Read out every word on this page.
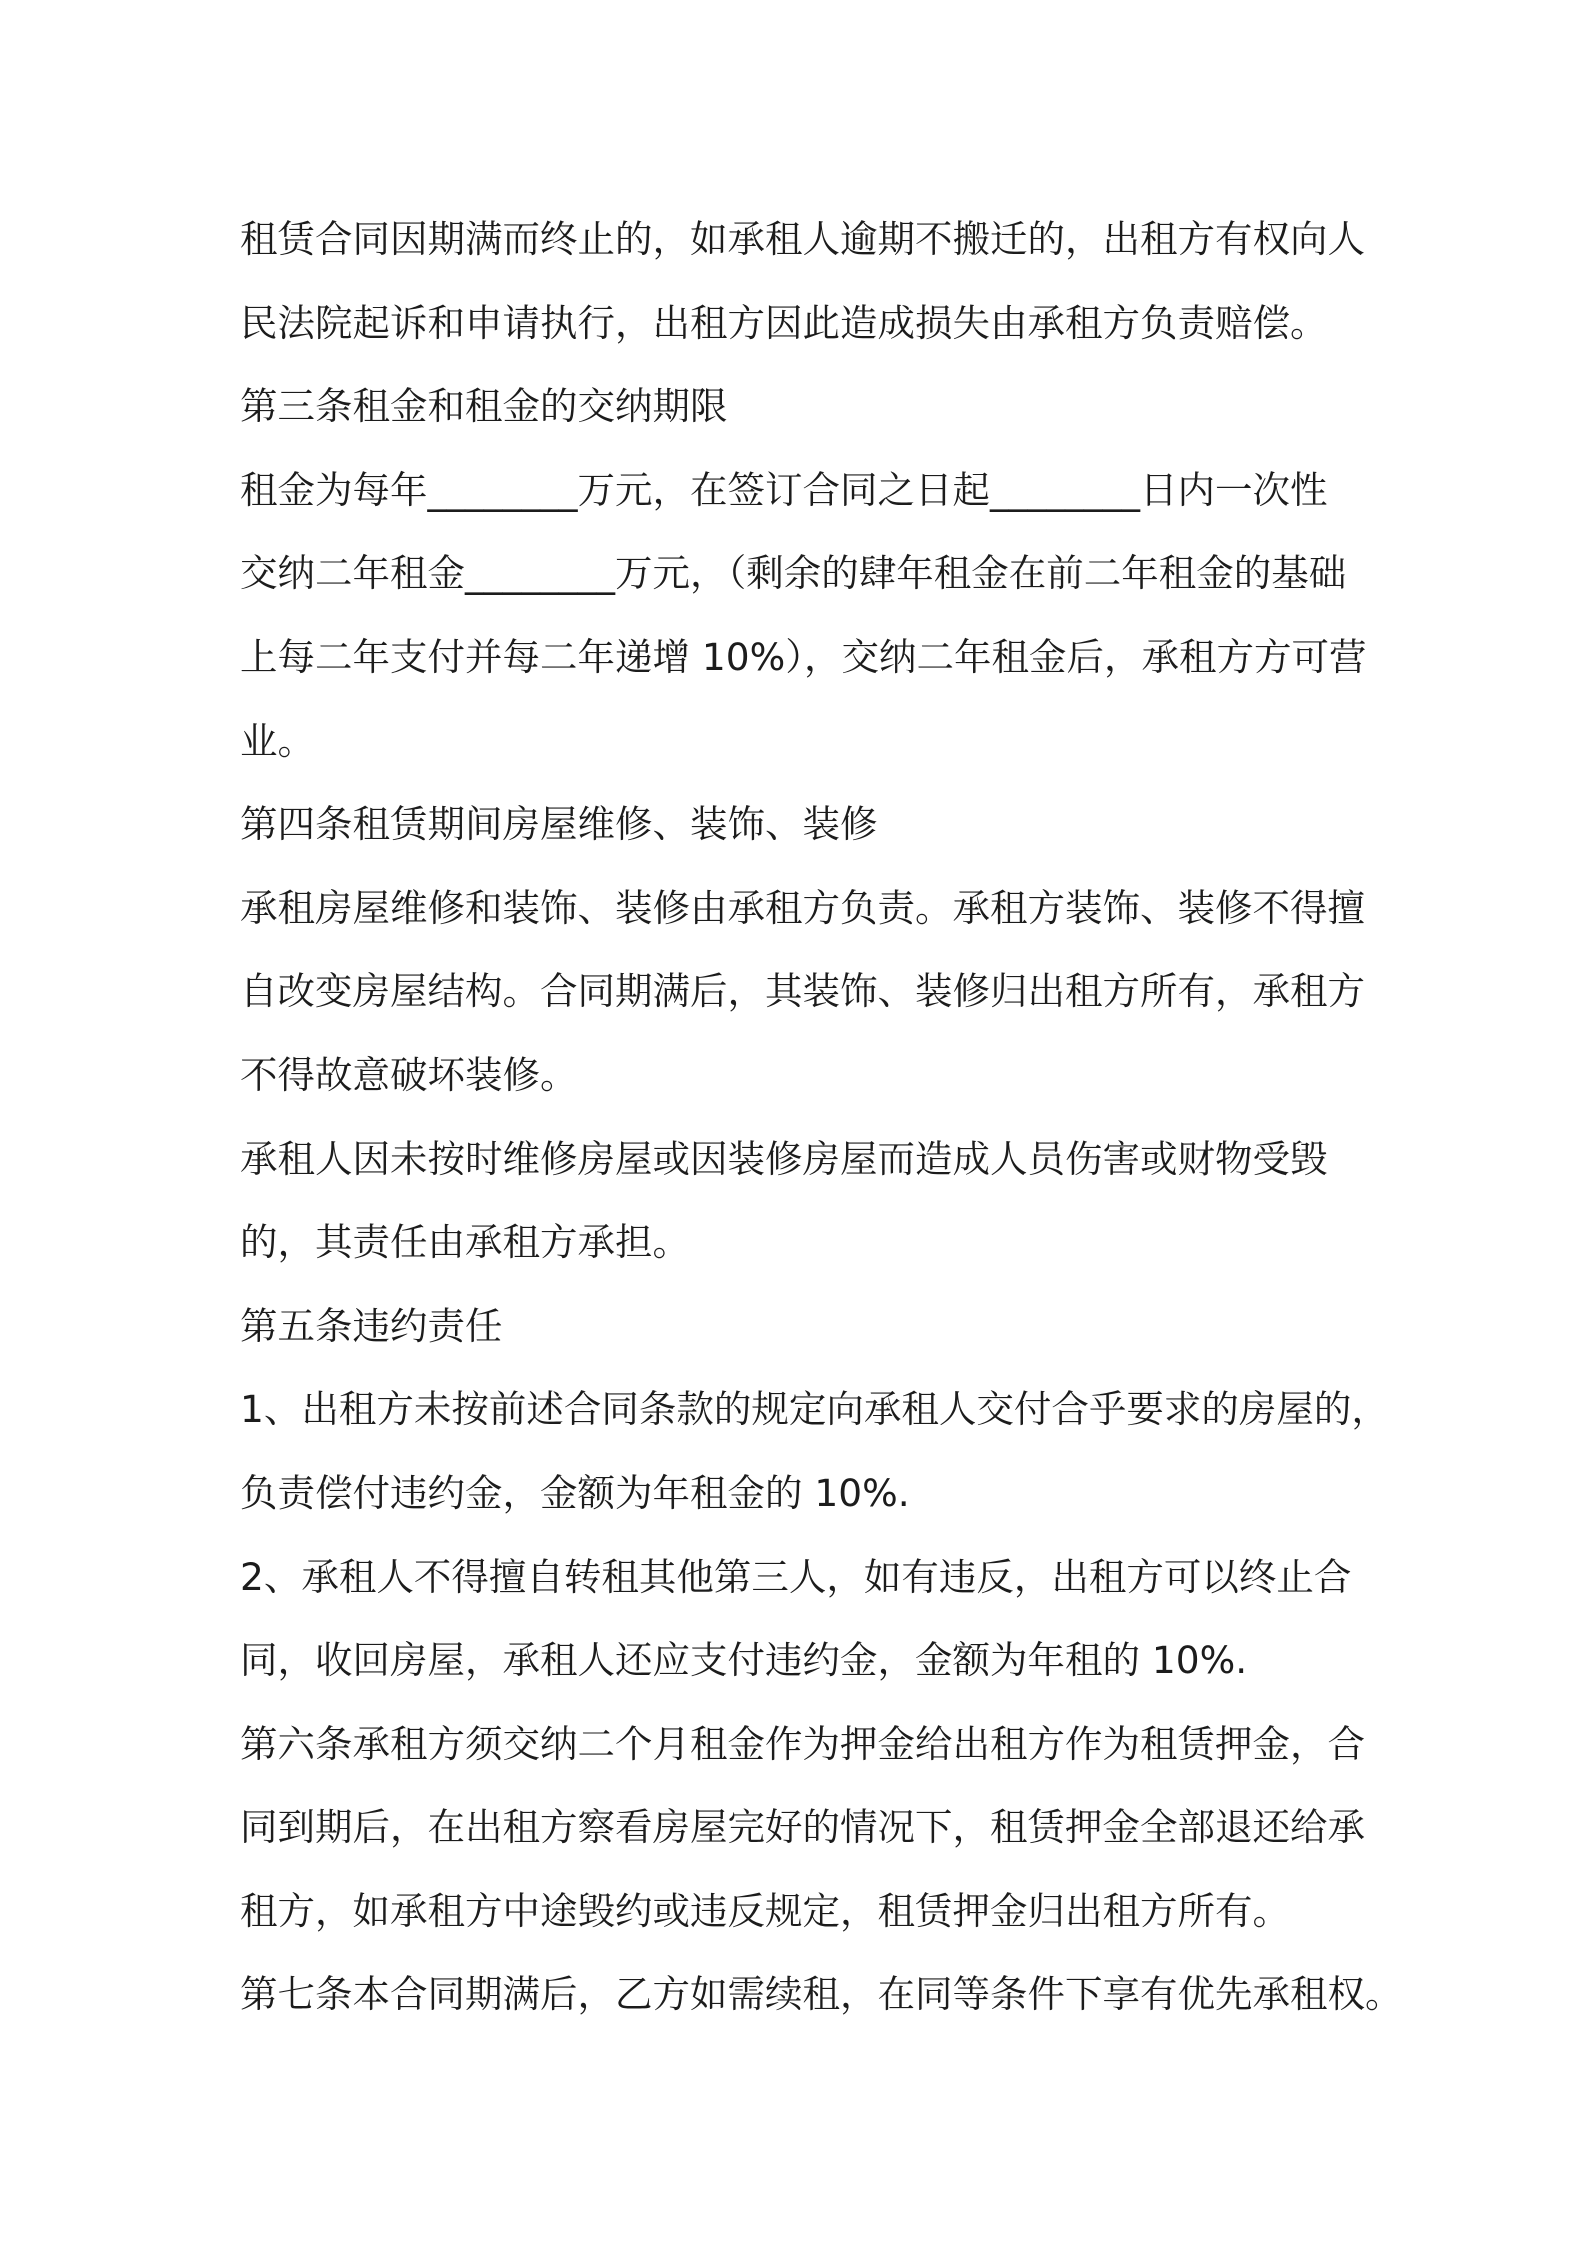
租赁合同因期满而终止的，如承租人逾期不搬迁的，出租方有权向人
民法院起诉和申请执行，出租方因此造成损失由承租方负责赔偿。
第三条租金和租金的交纳期限
租金为每年________万元，在签订合同之日起________日内一次性
交纳二年租金________万元，（剩余的肆年租金在前二年租金的基础
上每二年支付并每二年递增 10%），交纳二年租金后，承租方方可营
业。
第四条租赁期间房屋维修、装饰、装修
承租房屋维修和装饰、装修由承租方负责。承租方装饰、装修不得擅
自改变房屋结构。合同期满后，其装饰、装修归出租方所有，承租方
不得故意破坏装修。
承租人因未按时维修房屋或因装修房屋而造成人员伤害或财物受毁
的，其责任由承租方承担。
第五条违约责任
1、出租方未按前述合同条款的规定向承租人交付合乎要求的房屋的，
负责偿付违约金，金额为年租金的 10%.
2、承租人不得擅自转租其他第三人，如有违反，出租方可以终止合
同，收回房屋，承租人还应支付违约金，金额为年租的 10%.
第六条承租方须交纳二个月租金作为押金给出租方作为租赁押金，合
同到期后，在出租方察看房屋完好的情况下，租赁押金全部退还给承
租方，如承租方中途毁约或违反规定，租赁押金归出租方所有。
第七条本合同期满后，乙方如需续租，在同等条件下享有优先承租权。
